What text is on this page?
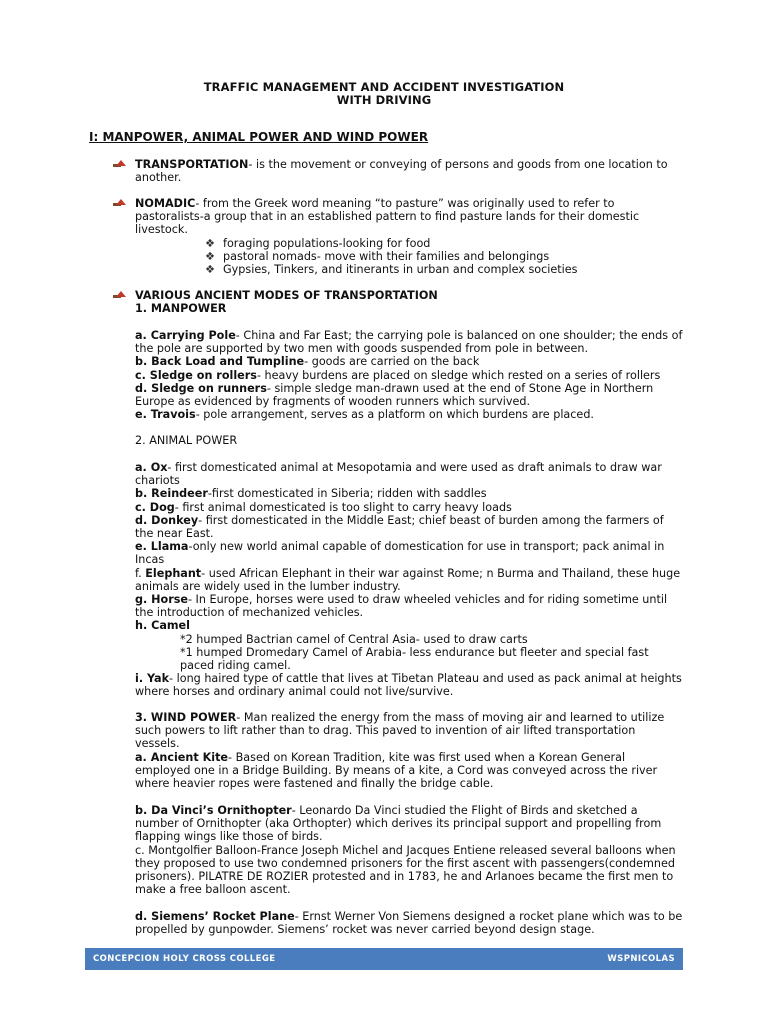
TRAFFIC MANAGEMENT AND ACCIDENT INVESTIGATION
WITH DRIVING
I: MANPOWER, ANIMAL POWER AND WIND POWER
TRANSPORTATION- is the movement or conveying of persons and goods from one location to another.
NOMADIC- from the Greek word meaning “to pasture” was originally used to refer to pastoralists-a group that in an established pattern to find pasture lands for their domestic livestock.
❖ foraging populations-looking for food
❖ pastoral nomads- move with their families and belongings
❖ Gypsies, Tinkers, and itinerants in urban and complex societies
VARIOUS ANCIENT MODES OF TRANSPORTATION
1. MANPOWER
a. Carrying Pole- China and Far East; the carrying pole is balanced on one shoulder; the ends of the pole are supported by two men with goods suspended from pole in between.
b. Back Load and Tumpline- goods are carried on the back
c. Sledge on rollers- heavy burdens are placed on sledge which rested on a series of rollers
d. Sledge on runners- simple sledge man-drawn used at the end of Stone Age in Northern Europe as evidenced by fragments of wooden runners which survived.
e. Travois- pole arrangement, serves as a platform on which burdens are placed.
2. ANIMAL POWER
a. Ox- first domesticated animal at Mesopotamia and were used as draft animals to draw war chariots
b. Reindeer-first domesticated in Siberia; ridden with saddles
c. Dog- first animal domesticated is too slight to carry heavy loads
d. Donkey- first domesticated in the Middle East; chief beast of burden among the farmers of the near East.
e. Llama-only new world animal capable of domestication for use in transport; pack animal in Incas
f. Elephant- used African Elephant in their war against Rome; n Burma and Thailand, these huge animals are widely used in the lumber industry.
g. Horse- In Europe, horses were used to draw wheeled vehicles and for riding sometime until the introduction of mechanized vehicles.
h. Camel
*2 humped Bactrian camel of Central Asia- used to draw carts
*1 humped Dromedary Camel of Arabia- less endurance but fleeter and special fast paced riding camel.
i. Yak- long haired type of cattle that lives at Tibetan Plateau and used as pack animal at heights where horses and ordinary animal could not live/survive.
3. WIND POWER- Man realized the energy from the mass of moving air and learned to utilize such powers to lift rather than to drag. This paved to invention of air lifted transportation vessels.
a. Ancient Kite- Based on Korean Tradition, kite was first used when a Korean General employed one in a Bridge Building. By means of a kite, a Cord was conveyed across the river where heavier ropes were fastened and finally the bridge cable.
b. Da Vinci’s Ornithopter- Leonardo Da Vinci studied the Flight of Birds and sketched a number of Ornithopter (aka Orthopter) which derives its principal support and propelling from flapping wings like those of birds.
c. Montgolfier Balloon-France Joseph Michel and Jacques Entiene released several balloons when they proposed to use two condemned prisoners for the first ascent with passengers(condemned prisoners). PILATRE DE ROZIER protested and in 1783, he and Arlanoes became the first men to make a free balloon ascent.
d. Siemens’ Rocket Plane- Ernst Werner Von Siemens designed a rocket plane which was to be propelled by gunpowder. Siemens’ rocket was never carried beyond design stage.
CONCEPCION HOLY CROSS COLLEGE	WSPNICOLAS
